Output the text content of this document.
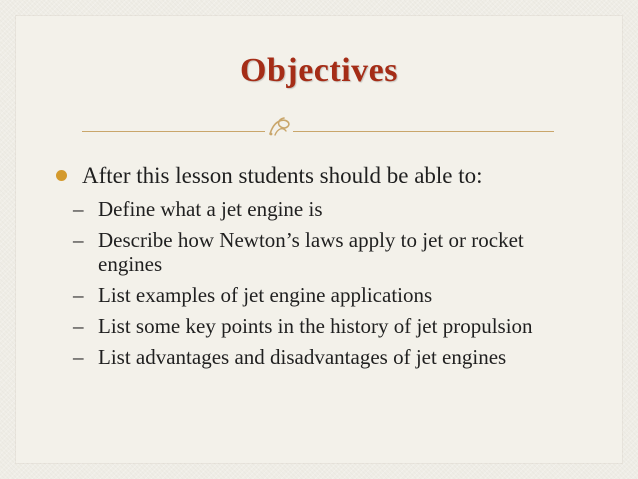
Objectives
After this lesson students should be able to:
– Define what a jet engine is
– Describe how Newton’s laws apply to jet or rocket engines
– List examples of jet engine applications
– List some key points in the history of jet propulsion
– List advantages and disadvantages of jet engines
